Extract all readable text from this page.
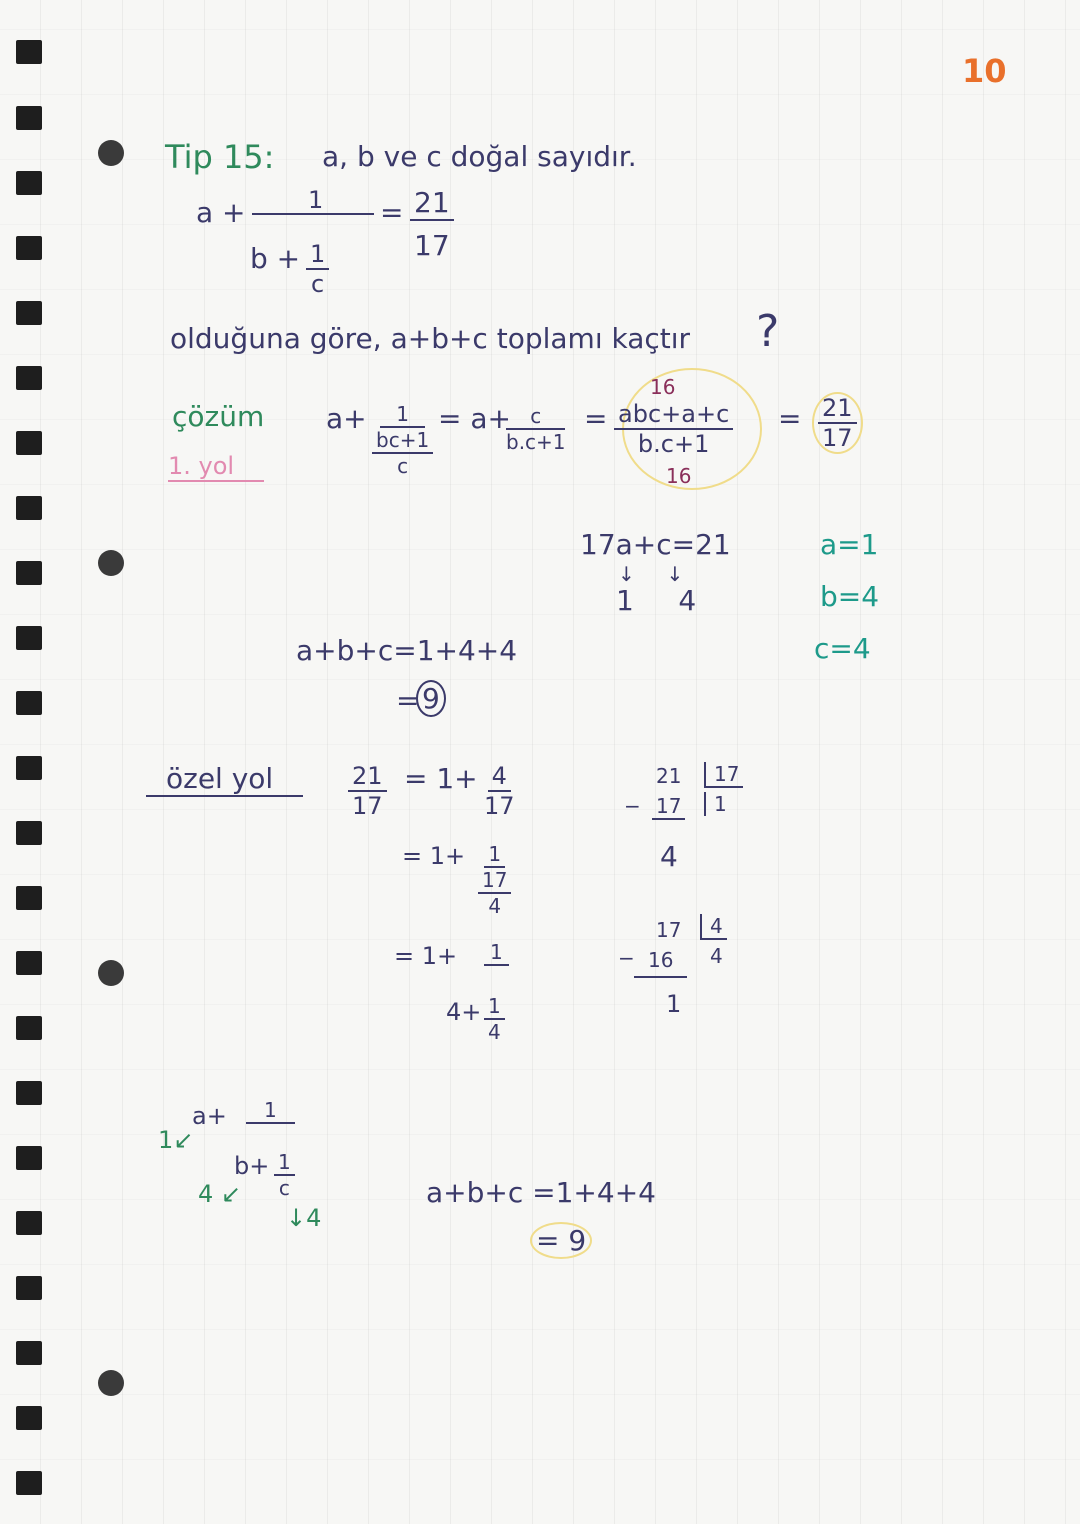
10
Tip 15: a, b ve c doğal sayıdır.
a +	1
$b + \frac{1}{c}$
= $\frac{21}{17}$
olduğuna göre, a+b+c toplamı kaçtır ?
çözüm
1. yol
a+	1
bc+1
c
= a+
$\frac{c}{b.c+1}$ =
16
abc+a+c
b.c+1
16
= $\frac{21}{17}$
17a+c=21
↓     ↓
1     4
a=1
b=4
c=4
a+b+c=1+4+4
= 9
özel yol	$\frac{21}{17} = 1+ \frac{4}{17}$
= 1+ 1
17
4
= 1+	1
$4+ \frac{1}{4}$
21	17
1
− 17
4
17	4
4
− 16
1
a+	1
$b+ \frac{1}{c}$
1↙
4 ↙
↓4
a+b+c =1+4+4
= 9
